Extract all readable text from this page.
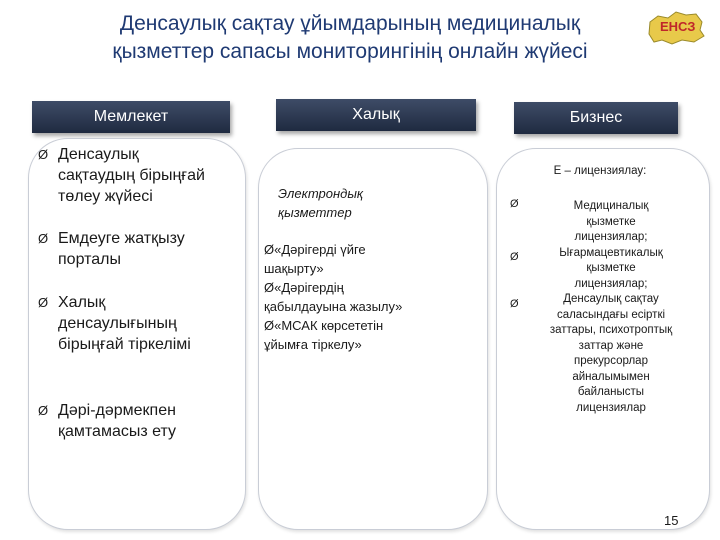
Денсаулық сақтау ұйымдарының медициналық
қызметтер сапасы мониторингінің онлайн жүйесі
ЕНСЗ
Мемлекет	Халық	Бизнес
Ø Денсаулық
сақтаудың бірыңғай
төлеу жүйесі
Ø Емдеуге жатқызу
порталы
Ø Халық
денсаулығының
бірыңғай тіркелімі
Ø Дәрі-дәрмекпен
қамтамасыз ету
Электрондық
қызметтер
Ø«Дәрігерді үйге
шақырту»
Ø«Дәрігердің
қабылдауына жазылу»
Ø«МСАК көрсететін
ұйымға тіркелу»
Е – лицензиялау:
Ø
Ø
Ø
Медициналық
қызметке
лицензиялар;
Ығармацевтикалық
қызметке
лицензиялар;
Денсаулық сақтау
саласындағы есірткі
заттары, психотроптық
заттар және
прекурсорлар
айналымымен
байланысты
лицензиялар
15
